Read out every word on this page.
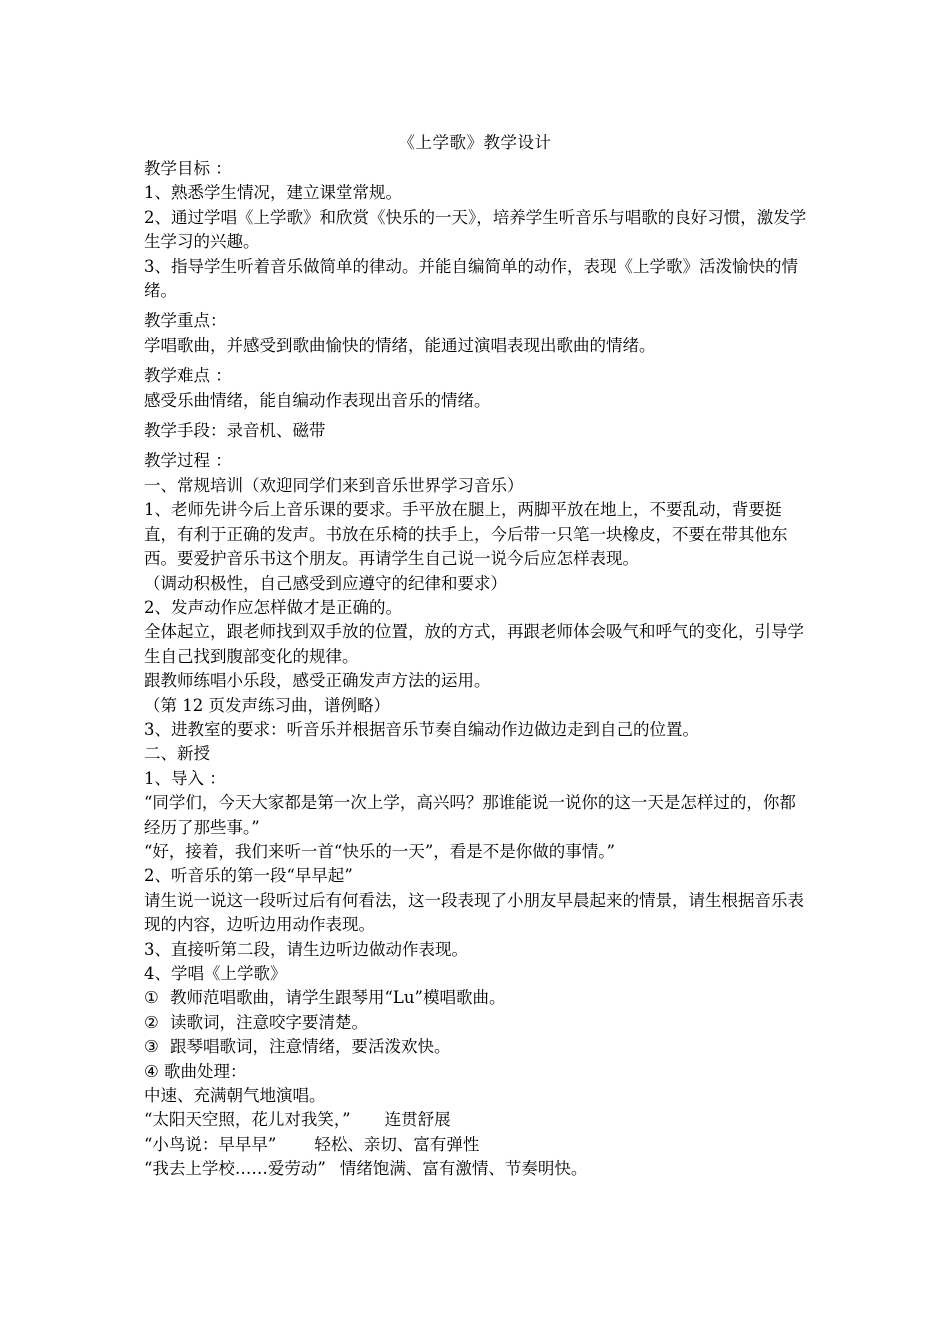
《上学歌》教学设计

教学目标 ：

1、熟悉学生情况，建立课堂常规。

2、通过学唱《上学歌》和欣赏《快乐的一天》，培养学生听音乐与唱歌的良好习惯，激发学生学习的兴趣。

3、指导学生听着音乐做简单的律动。并能自编简单的动作，表现《上学歌》活泼愉快的情绪。

教学重点：

学唱歌曲，并感受到歌曲愉快的情绪，能通过演唱表现出歌曲的情绪。

教学难点 ：

感受乐曲情绪，能自编动作表现出音乐的情绪。

教学手段：录音机、磁带

教学过程 ：

一、常规培训（欢迎同学们来到音乐世界学习音乐）

1、老师先讲今后上音乐课的要求。手平放在腿上，两脚平放在地上，不要乱动，背要挺直，有利于正确的发声。书放在乐椅的扶手上，今后带一只笔一块橡皮，不要在带其他东西。要爱护音乐书这个朋友。再请学生自己说一说今后应怎样表现。

（调动积极性，自己感受到应遵守的纪律和要求）

2、发声动作应怎样做才是正确的。

全体起立，跟老师找到双手放的位置，放的方式，再跟老师体会吸气和呼气的变化，引导学生自己找到腹部变化的规律。

跟教师练唱小乐段，感受正确发声方法的运用。

（第 12 页发声练习曲，谱例略）

3、进教室的要求：听音乐并根据音乐节奏自编动作边做边走到自己的位置。

二、新授

1、导入 ：

“同学们，今天大家都是第一次上学，高兴吗？那谁能说一说你的这一天是怎样过的，你都经历了那些事。”

“好，接着，我们来听一首“快乐的一天”，看是不是你做的事情。”

2、听音乐的第一段“早早起”

请生说一说这一段听过后有何看法，这一段表现了小朋友早晨起来的情景，请生根据音乐表现的内容，边听边用动作表现。

3、直接听第二段，请生边听边做动作表现。

4、学唱《上学歌》

① 教师范唱歌曲，请学生跟琴用“Lu”模唱歌曲。

② 读歌词，注意咬字要清楚。

③ 跟琴唱歌词，注意情绪，要活泼欢快。

④ 歌曲处理：

中速、充满朝气地演唱。

“太阳天空照，花儿对我笑，” 连贯舒展

“小鸟说：早早早” 轻松、亲切、富有弹性

“我去上学校……爱劳动” 情绪饱满、富有激情、节奏明快。
